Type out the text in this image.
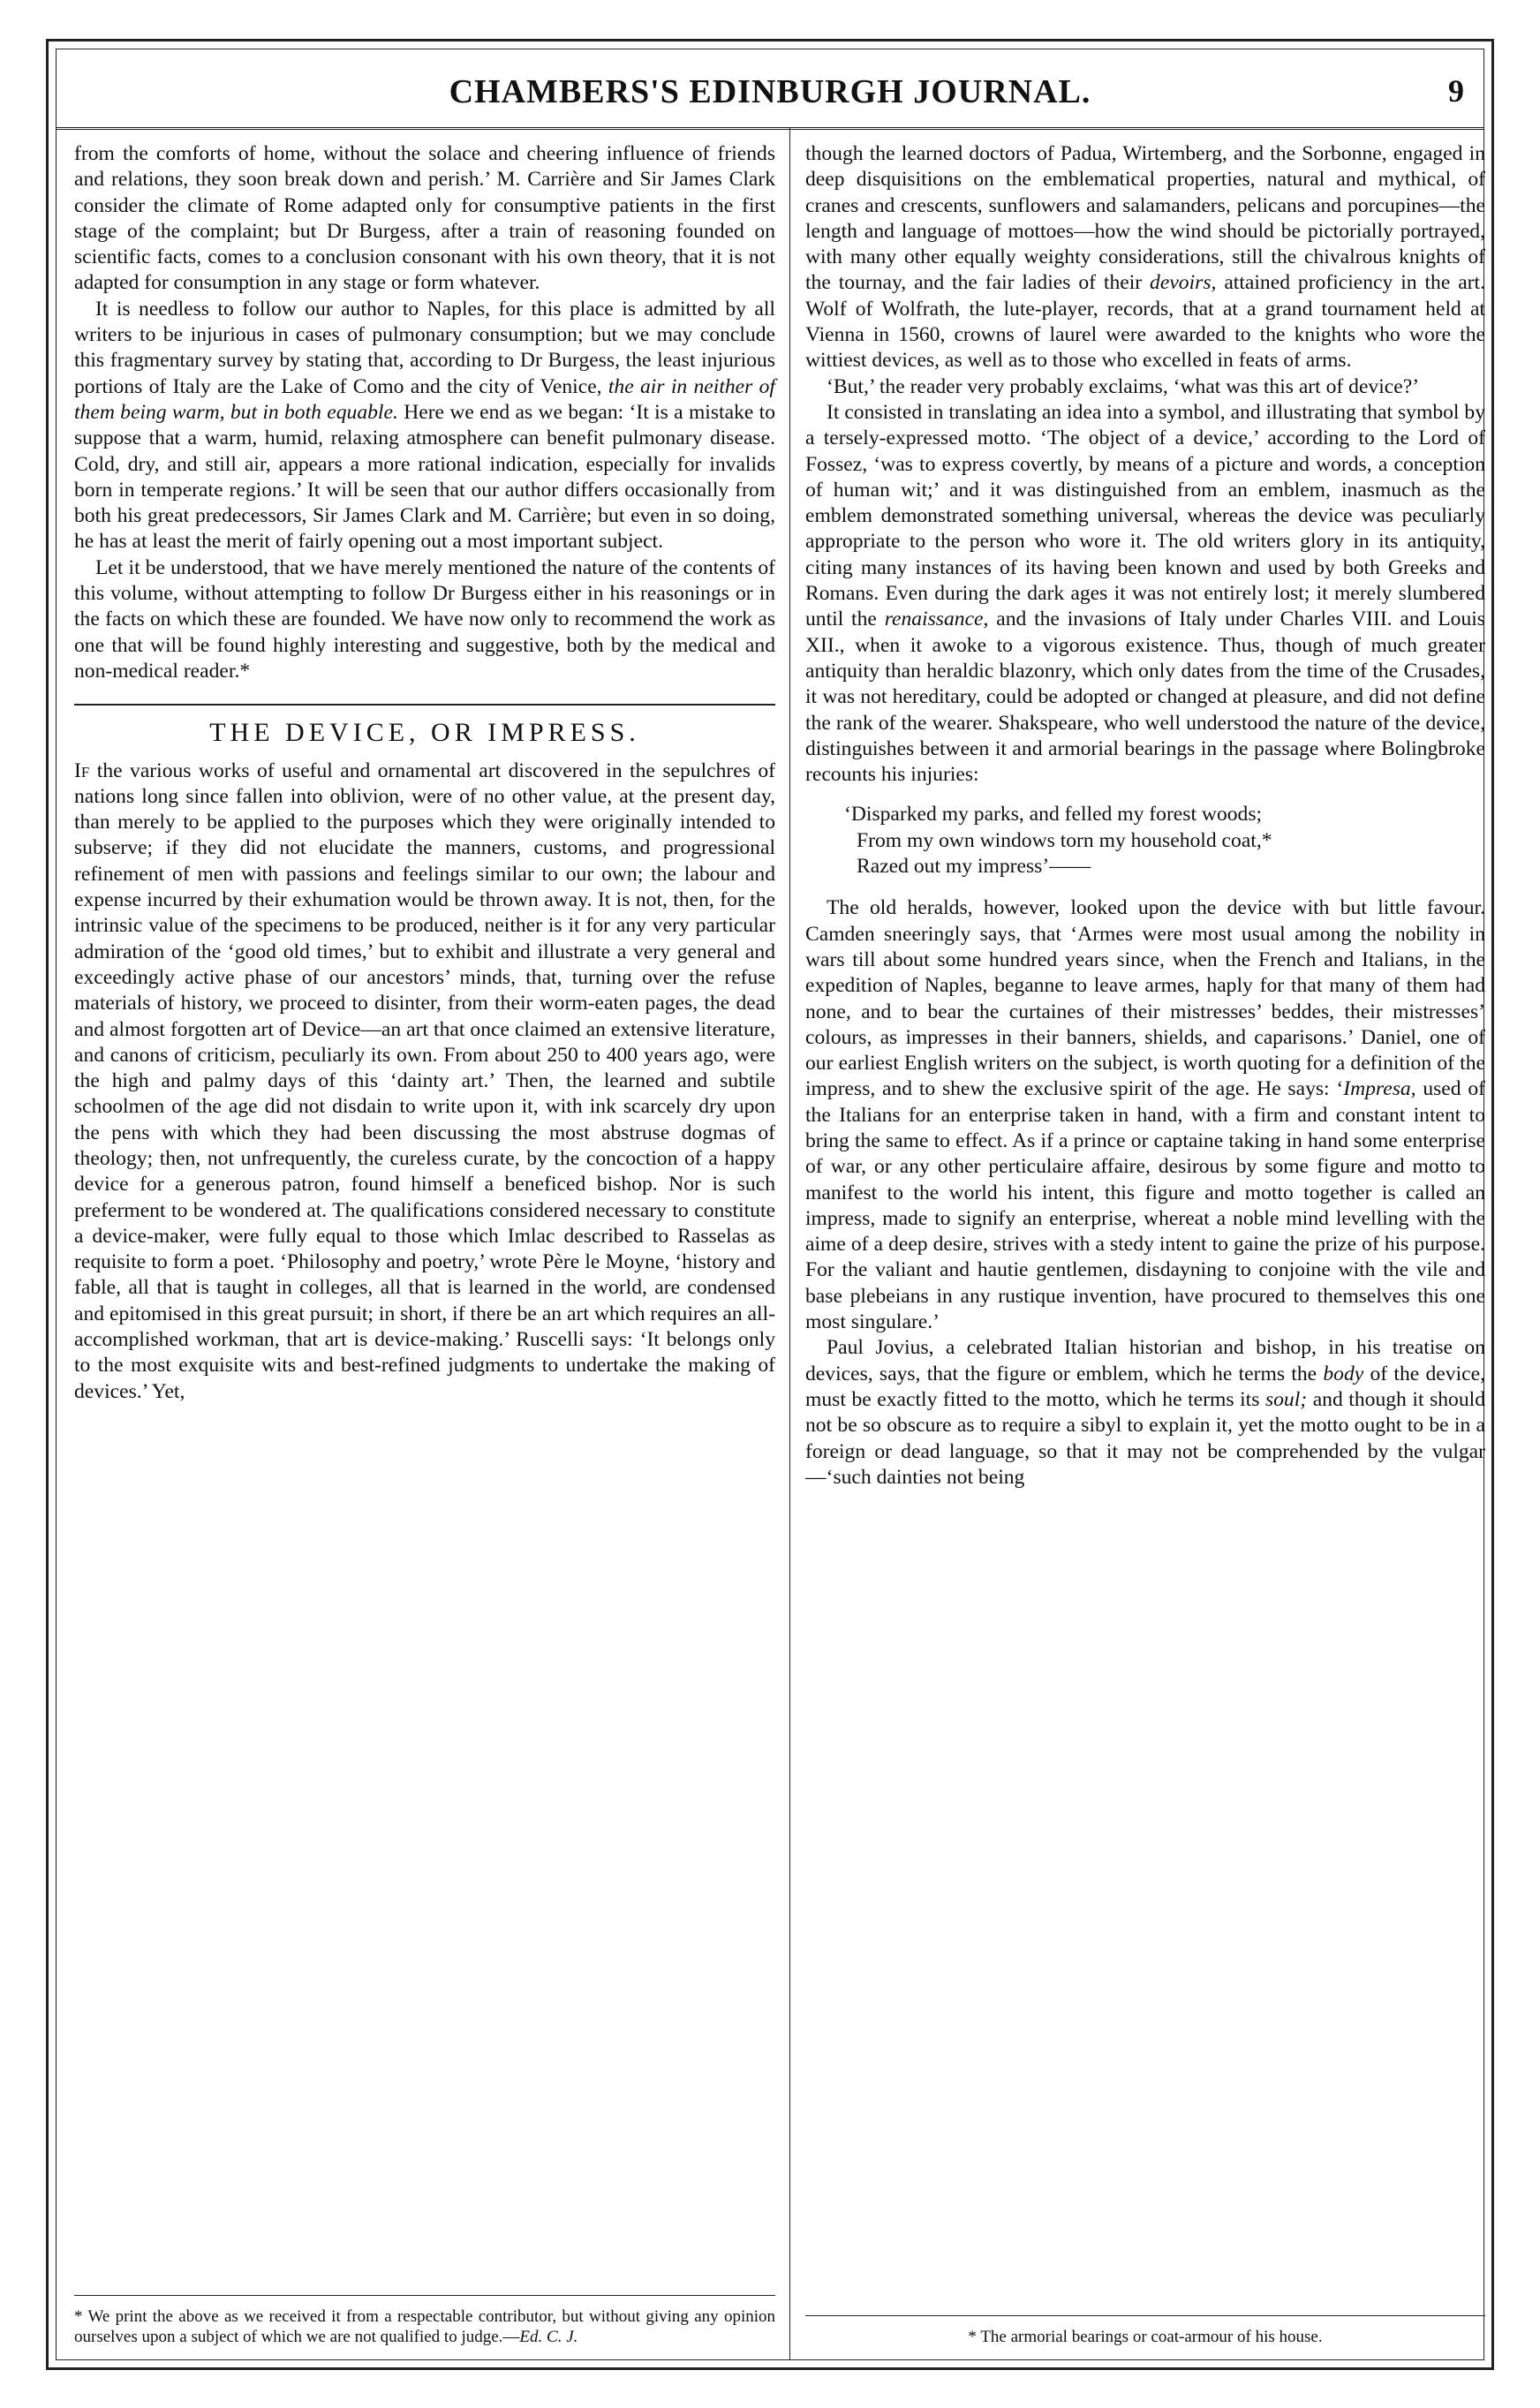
CHAMBERS'S EDINBURGH JOURNAL.	9

from the comforts of home, without the solace and cheering influence of friends and relations, they soon break down and perish.’ M. Carrière and Sir James Clark consider the climate of Rome adapted only for consumptive patients in the first stage of the complaint; but Dr Burgess, after a train of reasoning founded on scientific facts, comes to a conclusion consonant with his own theory, that it is not adapted for consumption in any stage or form whatever.

It is needless to follow our author to Naples, for this place is admitted by all writers to be injurious in cases of pulmonary consumption; but we may conclude this fragmentary survey by stating that, according to Dr Burgess, the least injurious portions of Italy are the Lake of Como and the city of Venice, the air in neither of them being warm, but in both equable. Here we end as we began: ‘It is a mistake to suppose that a warm, humid, relaxing atmosphere can benefit pulmonary disease. Cold, dry, and still air, appears a more rational indication, especially for invalids born in temperate regions.’ It will be seen that our author differs occasionally from both his great predecessors, Sir James Clark and M. Carrière; but even in so doing, he has at least the merit of fairly opening out a most important subject.

Let it be understood, that we have merely mentioned the nature of the contents of this volume, without attempting to follow Dr Burgess either in his reasonings or in the facts on which these are founded. We have now only to recommend the work as one that will be found highly interesting and suggestive, both by the medical and non-medical reader.*

THE DEVICE, OR IMPRESS.

If the various works of useful and ornamental art discovered in the sepulchres of nations long since fallen into oblivion, were of no other value, at the present day, than merely to be applied to the purposes which they were originally intended to subserve; if they did not elucidate the manners, customs, and progressional refinement of men with passions and feelings similar to our own; the labour and expense incurred by their exhumation would be thrown away. It is not, then, for the intrinsic value of the specimens to be produced, neither is it for any very particular admiration of the ‘good old times,’ but to exhibit and illustrate a very general and exceedingly active phase of our ancestors’ minds, that, turning over the refuse materials of history, we proceed to disinter, from their worm-eaten pages, the dead and almost forgotten art of Device—an art that once claimed an extensive literature, and canons of criticism, peculiarly its own. From about 250 to 400 years ago, were the high and palmy days of this ‘dainty art.’ Then, the learned and subtile schoolmen of the age did not disdain to write upon it, with ink scarcely dry upon the pens with which they had been discussing the most abstruse dogmas of theology; then, not unfrequently, the cureless curate, by the concoction of a happy device for a generous patron, found himself a beneficed bishop. Nor is such preferment to be wondered at. The qualifications considered necessary to constitute a device-maker, were fully equal to those which Imlac described to Rasselas as requisite to form a poet. ‘Philosophy and poetry,’ wrote Père le Moyne, ‘history and fable, all that is taught in colleges, all that is learned in the world, are condensed and epitomised in this great pursuit; in short, if there be an art which requires an all-accomplished workman, that art is device-making.’ Ruscelli says: ‘It belongs only to the most exquisite wits and best-refined judgments to undertake the making of devices.’ Yet,

* We print the above as we received it from a respectable contributor, but without giving any opinion ourselves upon a subject of which we are not qualified to judge.—Ed. C. J.

though the learned doctors of Padua, Wirtemberg, and the Sorbonne, engaged in deep disquisitions on the emblematical properties, natural and mythical, of cranes and crescents, sunflowers and salamanders, pelicans and porcupines—the length and language of mottoes—how the wind should be pictorially portrayed, with many other equally weighty considerations, still the chivalrous knights of the tournay, and the fair ladies of their devoirs, attained proficiency in the art. Wolf of Wolfrath, the lute-player, records, that at a grand tournament held at Vienna in 1560, crowns of laurel were awarded to the knights who wore the wittiest devices, as well as to those who excelled in feats of arms.

‘But,’ the reader very probably exclaims, ‘what was this art of device?’

It consisted in translating an idea into a symbol, and illustrating that symbol by a tersely-expressed motto. ‘The object of a device,’ according to the Lord of Fossez, ‘was to express covertly, by means of a picture and words, a conception of human wit;’ and it was distinguished from an emblem, inasmuch as the emblem demonstrated something universal, whereas the device was peculiarly appropriate to the person who wore it. The old writers glory in its antiquity, citing many instances of its having been known and used by both Greeks and Romans. Even during the dark ages it was not entirely lost; it merely slumbered until the renaissance, and the invasions of Italy under Charles VIII. and Louis XII., when it awoke to a vigorous existence. Thus, though of much greater antiquity than heraldic blazonry, which only dates from the time of the Crusades, it was not hereditary, could be adopted or changed at pleasure, and did not define the rank of the wearer. Shakspeare, who well understood the nature of the device, distinguishes between it and armorial bearings in the passage where Bolingbroke recounts his injuries:

‘Disparked my parks, and felled my forest woods;
From my own windows torn my household coat,*
Razed out my impress’——

The old heralds, however, looked upon the device with but little favour. Camden sneeringly says, that ‘Armes were most usual among the nobility in wars till about some hundred years since, when the French and Italians, in the expedition of Naples, beganne to leave armes, haply for that many of them had none, and to bear the curtaines of their mistresses’ beddes, their mistresses’ colours, as impresses in their banners, shields, and caparisons.’ Daniel, one of our earliest English writers on the subject, is worth quoting for a definition of the impress, and to shew the exclusive spirit of the age. He says: ‘Impresa, used of the Italians for an enterprise taken in hand, with a firm and constant intent to bring the same to effect. As if a prince or captaine taking in hand some enterprise of war, or any other perticulaire affaire, desirous by some figure and motto to manifest to the world his intent, this figure and motto together is called an impress, made to signify an enterprise, whereat a noble mind levelling with the aime of a deep desire, strives with a stedy intent to gaine the prize of his purpose. For the valiant and hautie gentlemen, disdayning to conjoine with the vile and base plebeians in any rustique invention, have procured to themselves this one most singulare.’

Paul Jovius, a celebrated Italian historian and bishop, in his treatise on devices, says, that the figure or emblem, which he terms the body of the device, must be exactly fitted to the motto, which he terms its soul; and though it should not be so obscure as to require a sibyl to explain it, yet the motto ought to be in a foreign or dead language, so that it may not be comprehended by the vulgar—‘such dainties not being

* The armorial bearings or coat-armour of his house.
